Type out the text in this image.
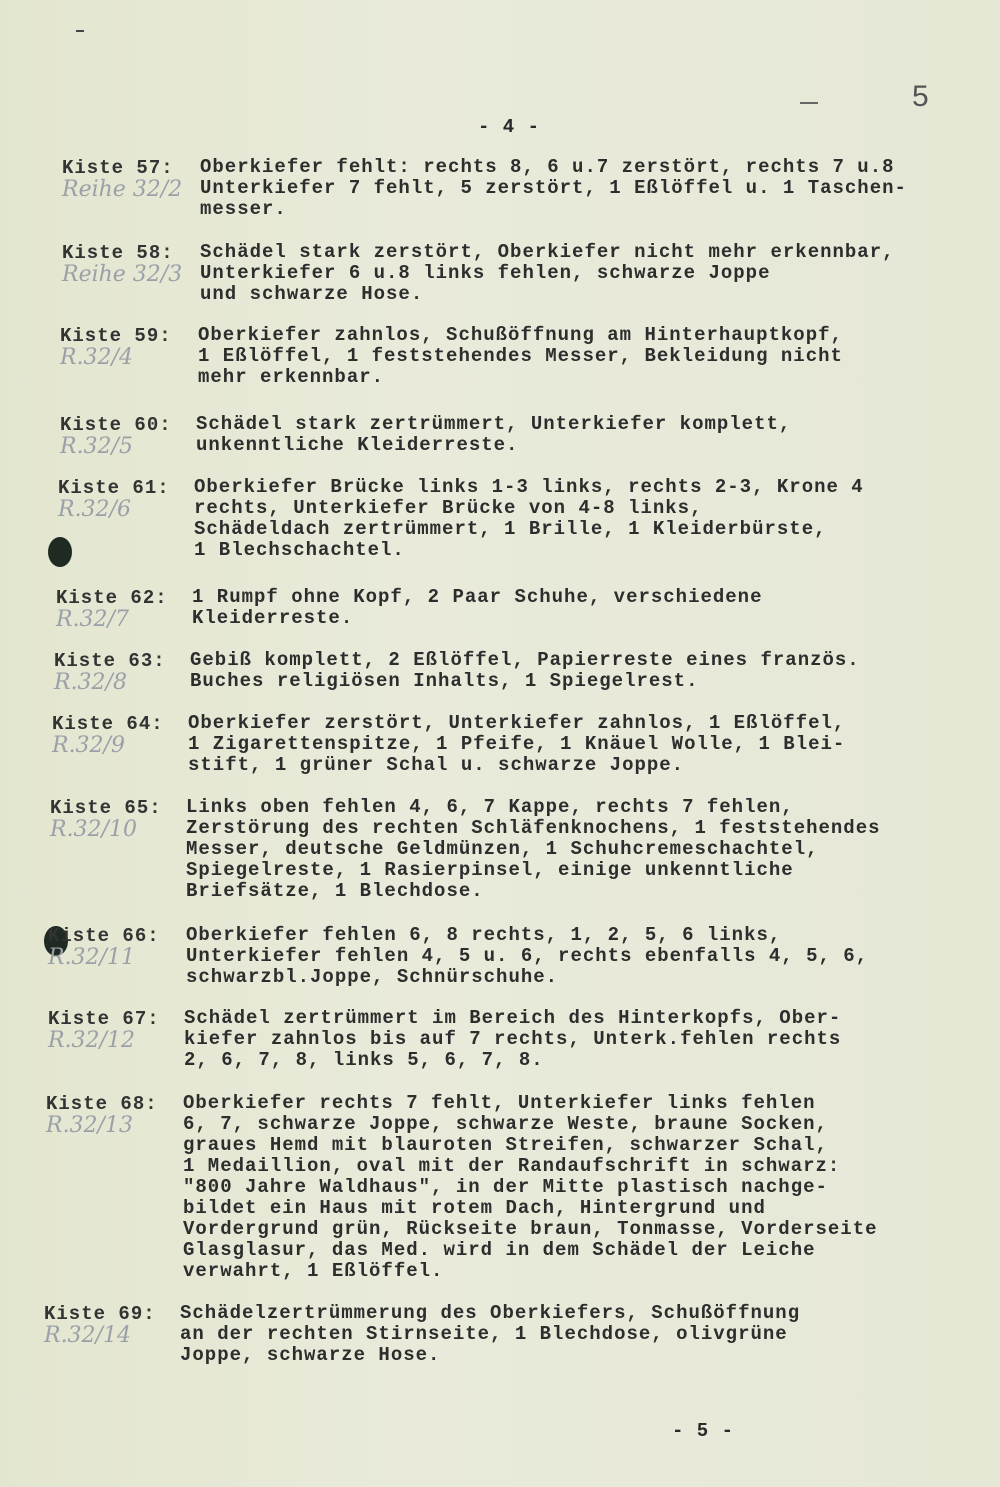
5
- 4 -
Kiste 57:
Reihe 32/2
Oberkiefer fehlt: rechts 8, 6 u.7 zerstört, rechts 7 u.8
Unterkiefer 7 fehlt, 5 zerstört, 1 Eßlöffel u. 1 Taschen-
messer.
Kiste 58:
Reihe 32/3
Schädel stark zerstört, Oberkiefer nicht mehr erkennbar,
Unterkiefer 6 u.8 links fehlen, schwarze Joppe
und schwarze Hose.
Kiste 59:
R.32/4
Oberkiefer zahnlos, Schußöffnung am Hinterhauptkopf,
1 Eßlöffel, 1 feststehendes Messer, Bekleidung nicht
mehr erkennbar.
Kiste 60:
R.32/5
Schädel stark zertrümmert, Unterkiefer komplett,
unkenntliche Kleiderreste.
Kiste 61:
R.32/6
Oberkiefer Brücke links 1-3 links, rechts 2-3, Krone 4
rechts, Unterkiefer Brücke von 4-8 links,
Schädeldach zertrümmert, 1 Brille, 1 Kleiderbürste,
1 Blechschachtel.
Kiste 62:
R.32/7
1 Rumpf ohne Kopf, 2 Paar Schuhe, verschiedene
Kleiderreste.
Kiste 63:
R.32/8
Gebiß komplett, 2 Eßlöffel, Papierreste eines französ.
Buches religiösen Inhalts, 1 Spiegelrest.
Kiste 64:
R.32/9
Oberkiefer zerstört, Unterkiefer zahnlos, 1 Eßlöffel,
1 Zigarettenspitze, 1 Pfeife, 1 Knäuel Wolle, 1 Blei-
stift, 1 grüner Schal u. schwarze Joppe.
Kiste 65:
R.32/10
Links oben fehlen 4, 6, 7 Kappe, rechts 7 fehlen,
Zerstörung des rechten Schläfenknochens, 1 feststehendes
Messer, deutsche Geldmünzen, 1 Schuhcremeschachtel,
Spiegelreste, 1 Rasierpinsel, einige unkenntliche
Briefsätze, 1 Blechdose.
Kiste 66:
R.32/11
Oberkiefer fehlen 6, 8 rechts, 1, 2, 5, 6 links,
Unterkiefer fehlen 4, 5 u. 6, rechts ebenfalls 4, 5, 6,
schwarzbl.Joppe, Schnürschuhe.
Kiste 67:
R.32/12
Schädel zertrümmert im Bereich des Hinterkopfs, Ober-
kiefer zahnlos bis auf 7 rechts, Unterk.fehlen rechts
2, 6, 7, 8, links 5, 6, 7, 8.
Kiste 68:
R.32/13
Oberkiefer rechts 7 fehlt, Unterkiefer links fehlen
6, 7, schwarze Joppe, schwarze Weste, braune Socken,
graues Hemd mit blauroten Streifen, schwarzer Schal,
1 Medaillion, oval mit der Randaufschrift in schwarz:
"800 Jahre Waldhaus", in der Mitte plastisch nachge-
bildet ein Haus mit rotem Dach, Hintergrund und
Vordergrund grün, Rückseite braun, Tonmasse, Vorderseite
Glasglasur, das Med. wird in dem Schädel der Leiche
verwahrt, 1 Eßlöffel.
Kiste 69:
R.32/14
Schädelzertrümmerung des Oberkiefers, Schußöffnung
an der rechten Stirnseite, 1 Blechdose, olivgrüne
Joppe, schwarze Hose.
- 5 -
